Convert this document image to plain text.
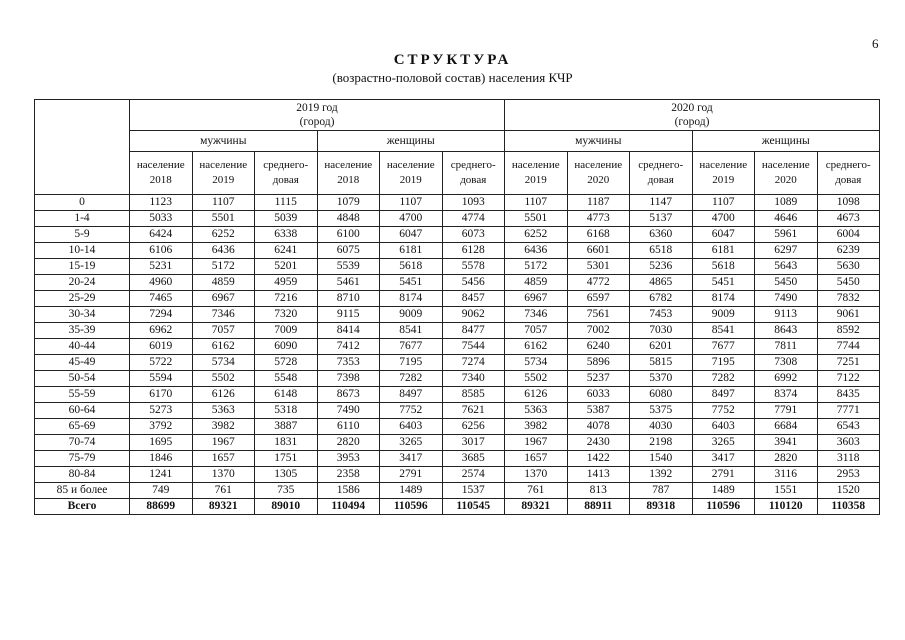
6
СТРУКТУРА
(возрастно-половой состав) населения КЧР
	2019 год
(город)						2020 год
(город)					
	мужчины			женщины			мужчины			женщины		
	население 2018	население 2019	среднего-довая	население 2018	население 2019	среднего-довая	население 2019	население 2020	среднего-довая	население 2019	население 2020	среднего-довая
0	1123	1107	1115	1079	1107	1093	1107	1187	1147	1107	1089	1098
1-4	5033	5501	5039	4848	4700	4774	5501	4773	5137	4700	4646	4673
5-9	6424	6252	6338	6100	6047	6073	6252	6168	6360	6047	5961	6004
10-14	6106	6436	6241	6075	6181	6128	6436	6601	6518	6181	6297	6239
15-19	5231	5172	5201	5539	5618	5578	5172	5301	5236	5618	5643	5630
20-24	4960	4859	4959	5461	5451	5456	4859	4772	4865	5451	5450	5450
25-29	7465	6967	7216	8710	8174	8457	6967	6597	6782	8174	7490	7832
30-34	7294	7346	7320	9115	9009	9062	7346	7561	7453	9009	9113	9061
35-39	6962	7057	7009	8414	8541	8477	7057	7002	7030	8541	8643	8592
40-44	6019	6162	6090	7412	7677	7544	6162	6240	6201	7677	7811	7744
45-49	5722	5734	5728	7353	7195	7274	5734	5896	5815	7195	7308	7251
50-54	5594	5502	5548	7398	7282	7340	5502	5237	5370	7282	6992	7122
55-59	6170	6126	6148	8673	8497	8585	6126	6033	6080	8497	8374	8435
60-64	5273	5363	5318	7490	7752	7621	5363	5387	5375	7752	7791	7771
65-69	3792	3982	3887	6110	6403	6256	3982	4078	4030	6403	6684	6543
70-74	1695	1967	1831	2820	3265	3017	1967	2430	2198	3265	3941	3603
75-79	1846	1657	1751	3953	3417	3685	1657	1422	1540	3417	2820	3118
80-84	1241	1370	1305	2358	2791	2574	1370	1413	1392	2791	3116	2953
85 и более	749	761	735	1586	1489	1537	761	813	787	1489	1551	1520
Всего	88699	89321	89010	110494	110596	110545	89321	88911	89318	110596	110120	110358
